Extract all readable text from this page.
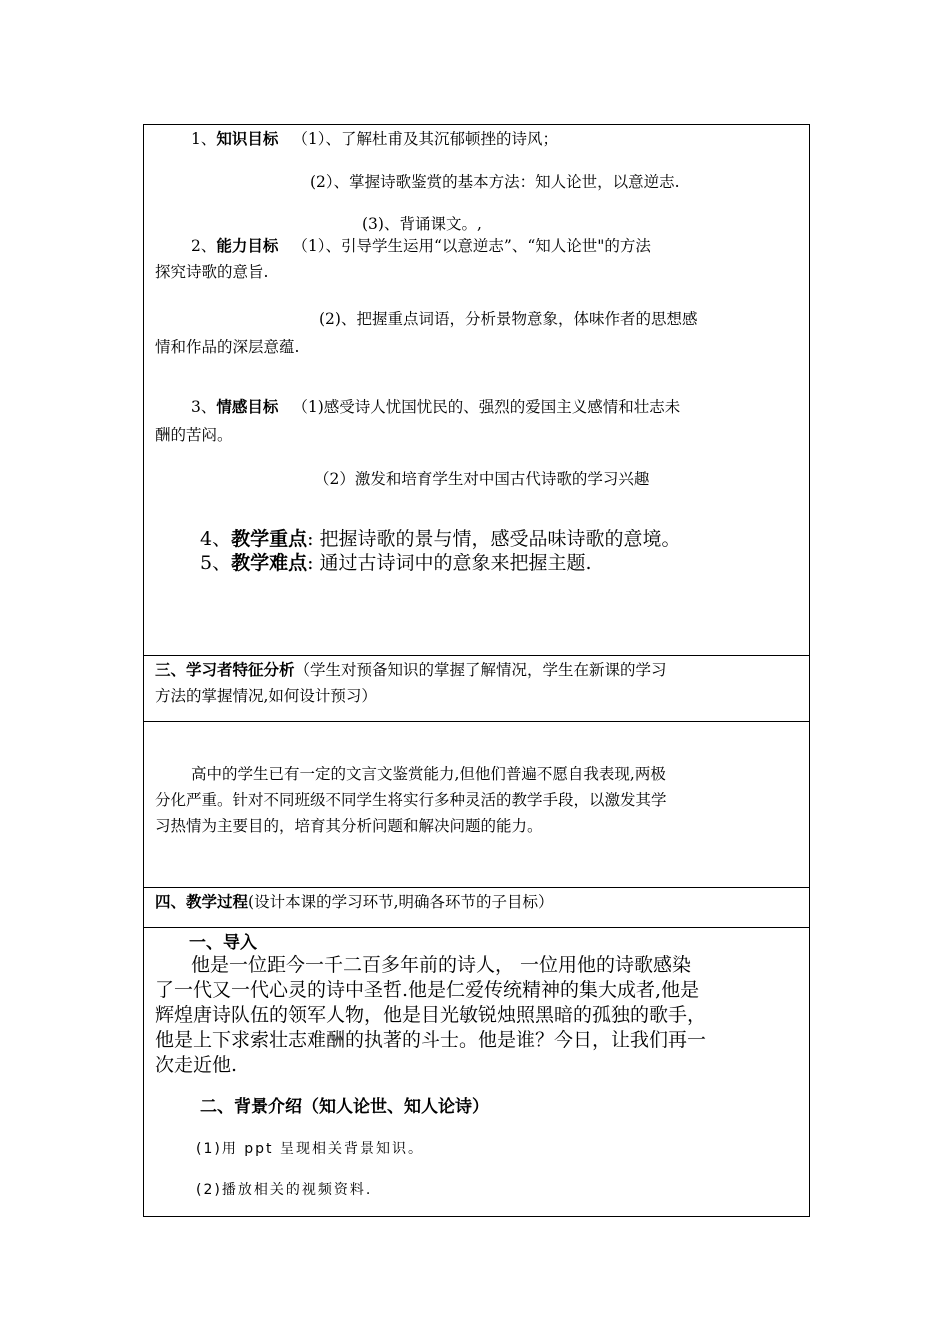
1、知识目标 （1）、了解杜甫及其沉郁顿挫的诗风；
(2）、掌握诗歌鉴赏的基本方法：知人论世，以意逆志.
(3)、背诵课文。,
2、能力目标 （1）、引导学生运用“以意逆志”、“知人论世"的方法
探究诗歌的意旨.
(2)、把握重点词语，分析景物意象，体味作者的思想感
情和作品的深层意蕴.
3、情感目标 （1)感受诗人忧国忧民的、强烈的爱国主义感情和壮志未
酬的苦闷。
（2）激发和培育学生对中国古代诗歌的学习兴趣
4、教学重点: 把握诗歌的景与情，感受品味诗歌的意境。
5、教学难点: 通过古诗词中的意象来把握主题.
三、学习者特征分析（学生对预备知识的掌握了解情况，学生在新课的学习
方法的掌握情况,如何设计预习）
高中的学生已有一定的文言文鉴赏能力,但他们普遍不愿自我表现,两极
分化严重。针对不同班级不同学生将实行多种灵活的教学手段，以激发其学
习热情为主要目的，培育其分析问题和解决问题的能力。
四、教学过程(设计本课的学习环节,明确各环节的子目标）
一、导入
他是一位距今一千二百多年前的诗人， 一位用他的诗歌感染
了一代又一代心灵的诗中圣哲.他是仁爱传统精神的集大成者,他是
辉煌唐诗队伍的领军人物，他是目光敏锐烛照黑暗的孤独的歌手，
他是上下求索壮志难酬的执著的斗士。他是谁？今日，让我们再一
次走近他.
二、背景介绍（知人论世、知人论诗）
(1)用 ppt 呈现相关背景知识。
(2)播放相关的视频资料.
